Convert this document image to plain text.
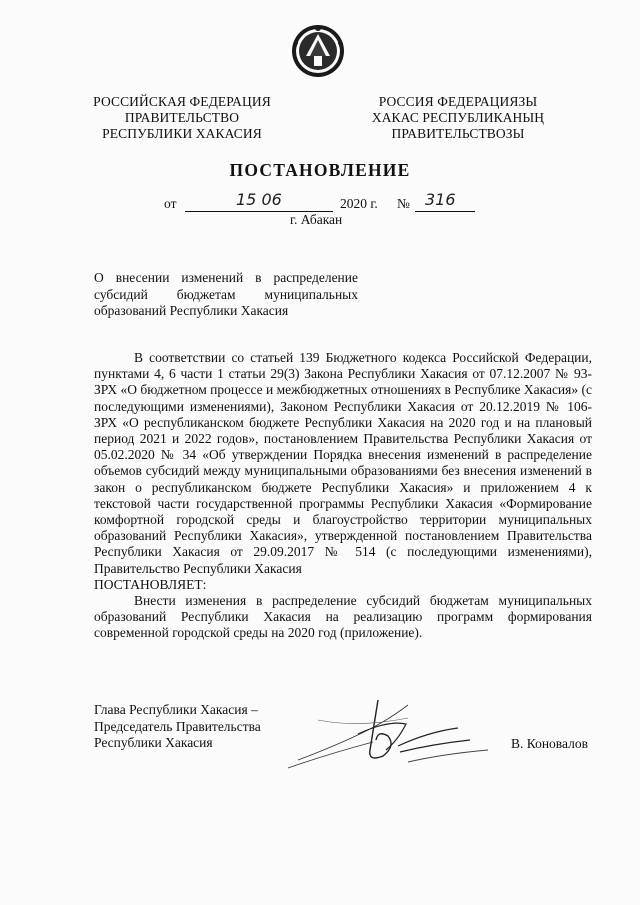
РОССИЙСКАЯ ФЕДЕРАЦИЯ
ПРАВИТЕЛЬСТВО
РЕСПУБЛИКИ ХАКАСИЯ
РОССИЯ ФЕДЕРАЦИЯЗЫ
ХАКАС РЕСПУБЛИКАНЫҢ
ПРАВИТЕЛЬСТВОЗЫ
ПОСТАНОВЛЕНИЕ
от	15 06	2020 г. № 316
г. Абакан
О внесении изменений в распределение
субсидий бюджетам муниципальных
образований Республики Хакасия

В соответствии со статьей 139 Бюджетного кодекса Российской Федерации, пунктами 4, 6 части 1 статьи 29(3) Закона Республики Хакасия от 07.12.2007 № 93-ЗРХ «О бюджетном процессе и межбюджетных отношениях в Республике Хакасия» (с последующими изменениями), Законом Республики Хакасия от 20.12.2019 № 106-ЗРХ «О республиканском бюджете Республики Хакасия на 2020 год и на плановый период 2021 и 2022 годов», постановлением Правительства Республики Хакасия от 05.02.2020 № 34 «Об утверждении Порядка внесения изменений в распределение объемов субсидий между муниципальными образованиями без внесения изменений в закон о республиканском бюджете Республики Хакасия» и приложением 4 к текстовой части государственной программы Республики Хакасия «Формирование комфортной городской среды и благоустройство территории муниципальных образований Республики Хакасия», утвержденной постановлением Правительства Республики Хакасия от 29.09.2017 № 514 (с последующими изменениями), Правительство Республики Хакасия

ПОСТАНОВЛЯЕТ:

Внести изменения в распределение субсидий бюджетам муниципальных образований Республики Хакасия на реализацию программ формирования современной городской среды на 2020 год (приложение).

Глава Республики Хакасия –
Председатель Правительства
Республики Хакасия	В. Коновалов
